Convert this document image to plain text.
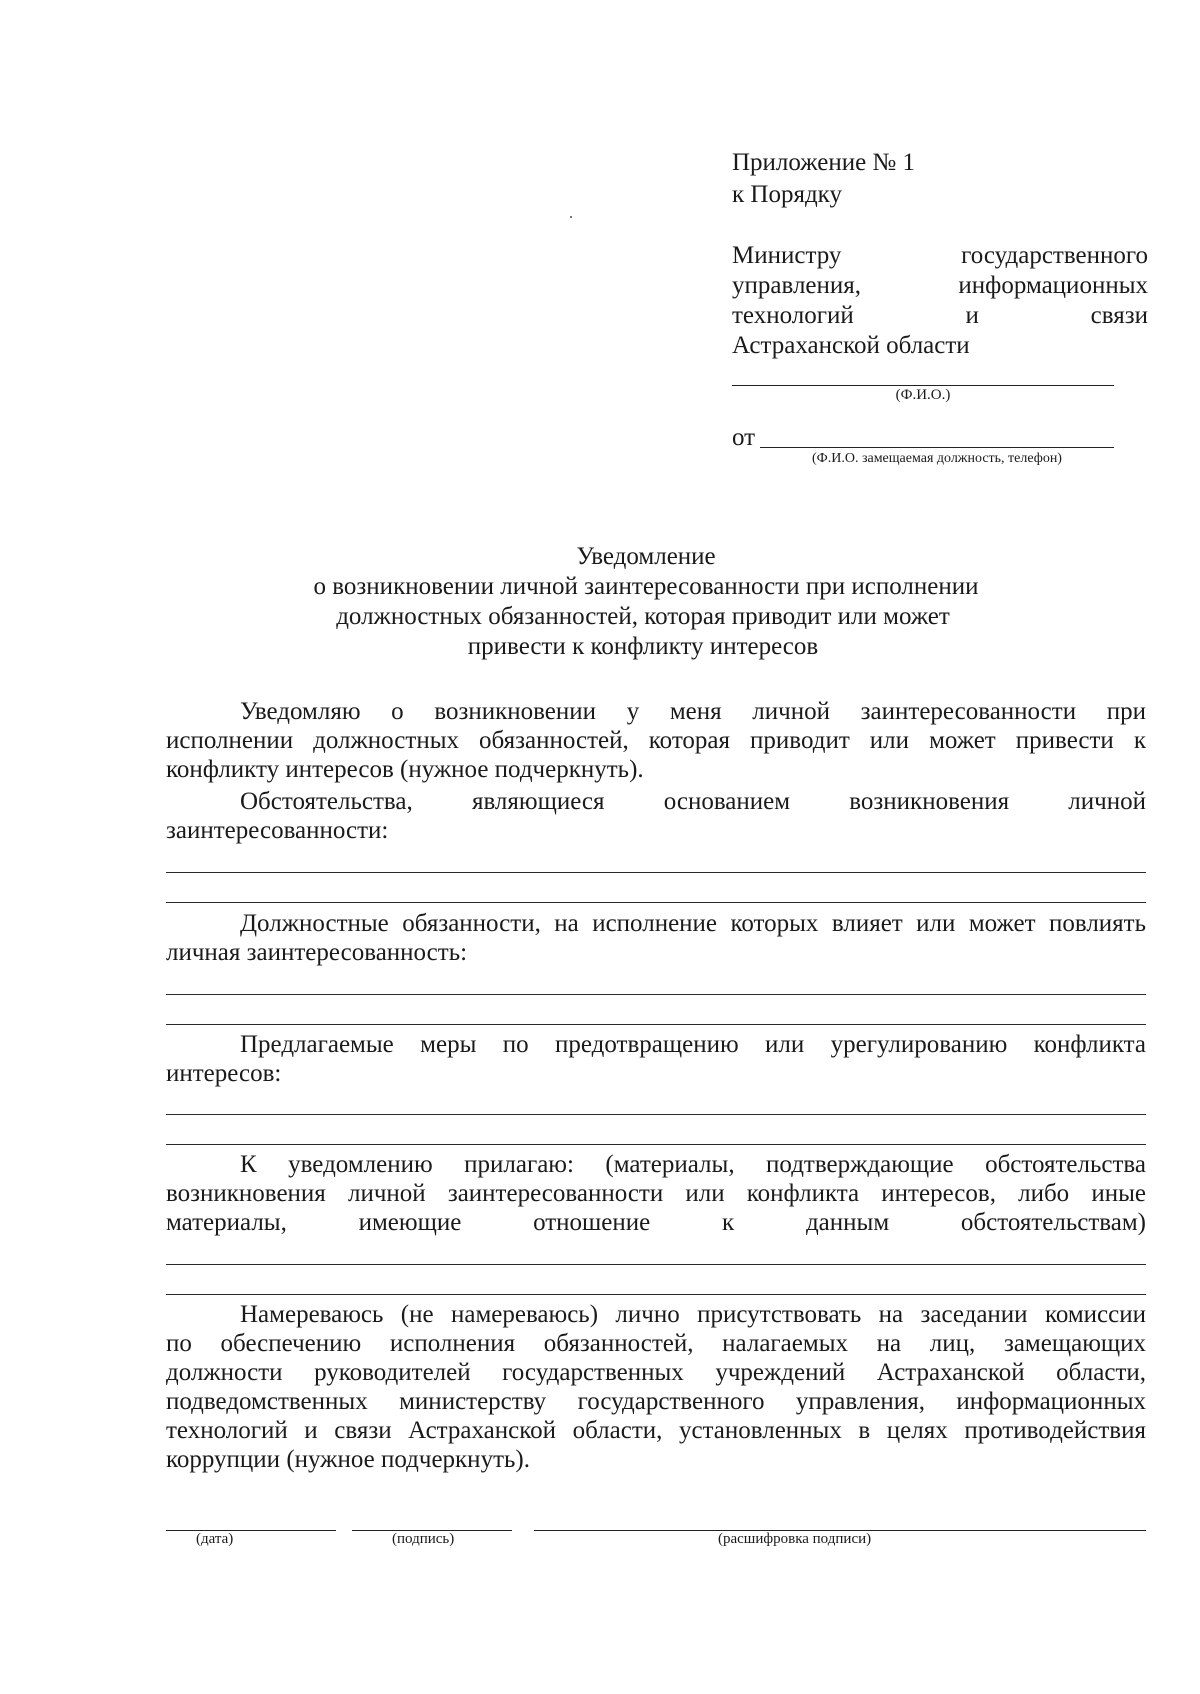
Приложение № 1
к Порядку
Министру	государственного
управления,	информационных
технологий	и	связи
Астраханской области
(Ф.И.О.)
от
(Ф.И.О. замещаемая должность, телефон)
Уведомление
о возникновении личной заинтересованности при исполнении
должностных обязанностей, которая приводит или может
привести к конфликту интересов
Уведомляю о возникновении у меня личной заинтересованности при
исполнении должностных обязанностей, которая приводит или может привести к
конфликту интересов (нужное подчеркнуть).
Обстоятельства, являющиеся основанием возникновения личной
заинтересованности:
Должностные обязанности, на исполнение которых влияет или может повлиять
личная заинтересованность:
Предлагаемые меры по предотвращению или урегулированию конфликта
интересов:
К уведомлению прилагаю: (материалы, подтверждающие обстоятельства
возникновения личной заинтересованности или конфликта интересов, либо иные
материалы, имеющие отношение к данным обстоятельствам)
Намереваюсь (не намереваюсь) лично присутствовать на заседании комиссии
по обеспечению исполнения обязанностей, налагаемых на лиц, замещающих
должности руководителей государственных учреждений Астраханской области,
подведомственных министерству государственного управления, информационных
технологий и связи Астраханской области, установленных в целях противодействия
коррупции (нужное подчеркнуть).
(дата)	(подпись)	(расшифровка подписи)
